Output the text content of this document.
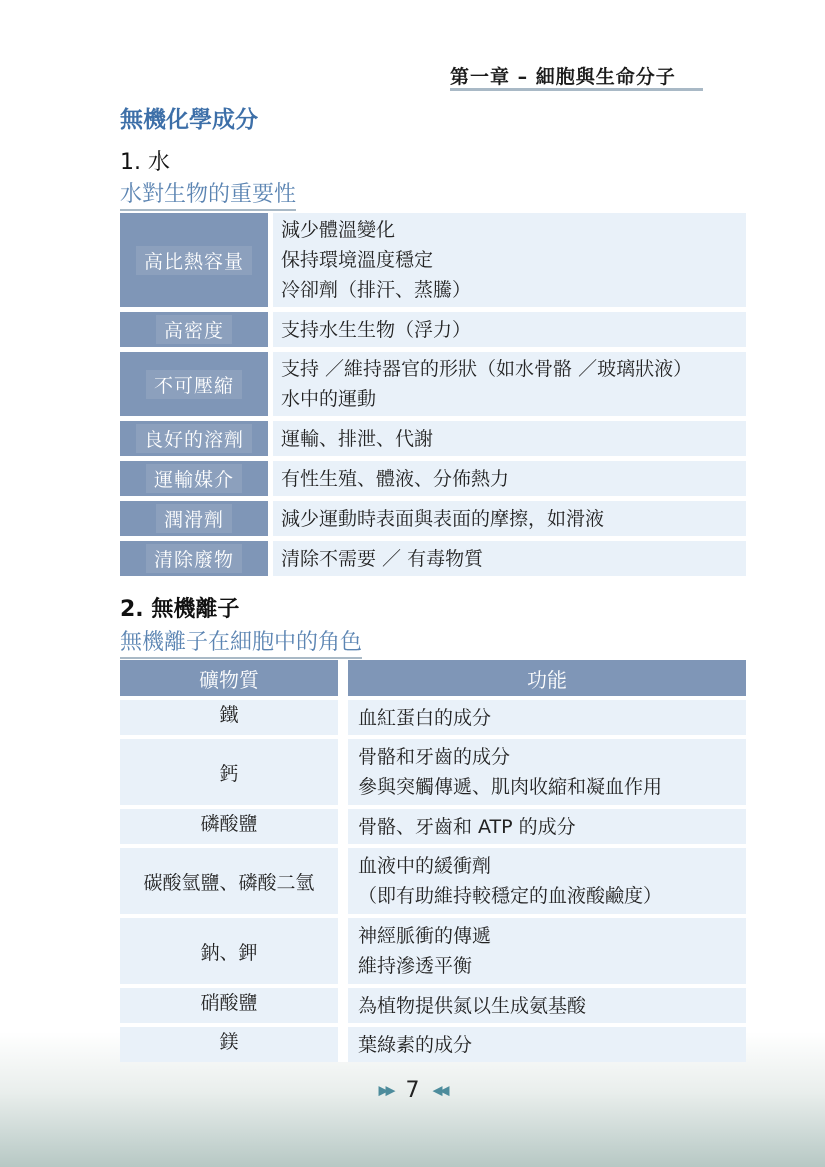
第一章 – 細胞與生命分子
無機化學成分
1. 水
水對生物的重要性
高比熱容量	減少體溫變化
保持環境溫度穩定
冷卻劑（排汗、蒸騰）

高密度	支持水生生物（浮力）

不可壓縮	支持 ／維持器官的形狀（如水骨骼 ／玻璃狀液）
水中的運動

良好的溶劑	運輸、排泄、代謝

運輸媒介	有性生殖、體液、分佈熱力

潤滑劑	減少運動時表面與表面的摩擦，如滑液

清除廢物	清除不需要 ／ 有毒物質
2. 無機離子
無機離子在細胞中的角色
礦物質	功能
鐵	血紅蛋白的成分

鈣	骨骼和牙齒的成分
參與突觸傳遞、肌肉收縮和凝血作用

磷酸鹽	骨骼、牙齒和 ATP 的成分

碳酸氫鹽、磷酸二氫	血液中的緩衝劑
（即有助維持較穩定的血液酸鹼度）

鈉、鉀	神經脈衝的傳遞
維持滲透平衡

硝酸鹽	為植物提供氮以生成氨基酸

鎂	葉綠素的成分
▶▶ 7 ◀◀
